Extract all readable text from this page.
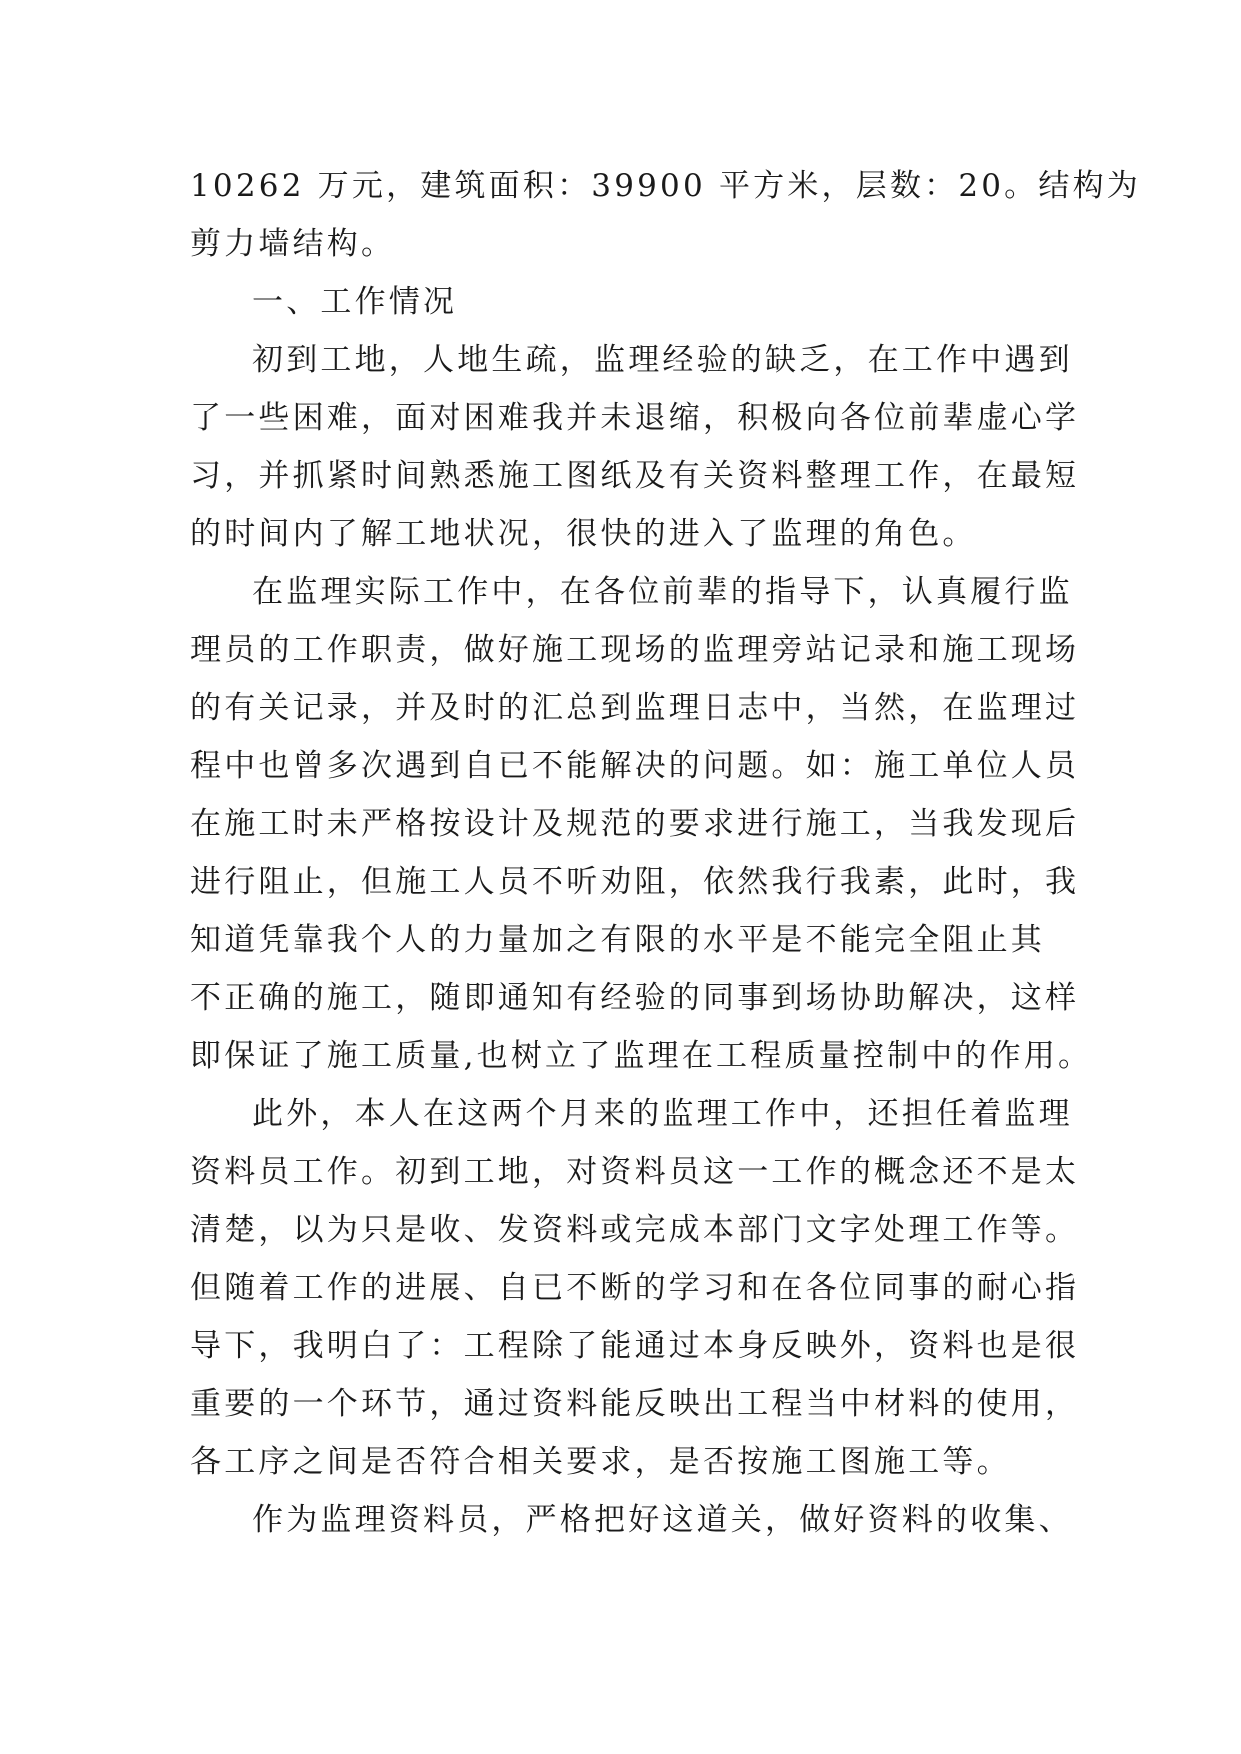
10262 万元，建筑面积：39900 平方米，层数：20。结构为
剪力墙结构。
一、工作情况
初到工地，人地生疏，监理经验的缺乏，在工作中遇到
了一些困难，面对困难我并未退缩，积极向各位前辈虚心学
习，并抓紧时间熟悉施工图纸及有关资料整理工作，在最短
的时间内了解工地状况，很快的进入了监理的角色。
在监理实际工作中，在各位前辈的指导下，认真履行监
理员的工作职责，做好施工现场的监理旁站记录和施工现场
的有关记录，并及时的汇总到监理日志中，当然，在监理过
程中也曾多次遇到自已不能解决的问题。如：施工单位人员
在施工时未严格按设计及规范的要求进行施工，当我发现后
进行阻止，但施工人员不听劝阻，依然我行我素，此时，我
知道凭靠我个人的力量加之有限的水平是不能完全阻止其
不正确的施工，随即通知有经验的同事到场协助解决，这样
即保证了施工质量,也树立了监理在工程质量控制中的作用。
此外，本人在这两个月来的监理工作中，还担任着监理
资料员工作。初到工地，对资料员这一工作的概念还不是太
清楚，以为只是收、发资料或完成本部门文字处理工作等。
但随着工作的进展、自已不断的学习和在各位同事的耐心指
导下，我明白了：工程除了能通过本身反映外，资料也是很
重要的一个环节，通过资料能反映出工程当中材料的使用，
各工序之间是否符合相关要求，是否按施工图施工等。
作为监理资料员，严格把好这道关，做好资料的收集、
